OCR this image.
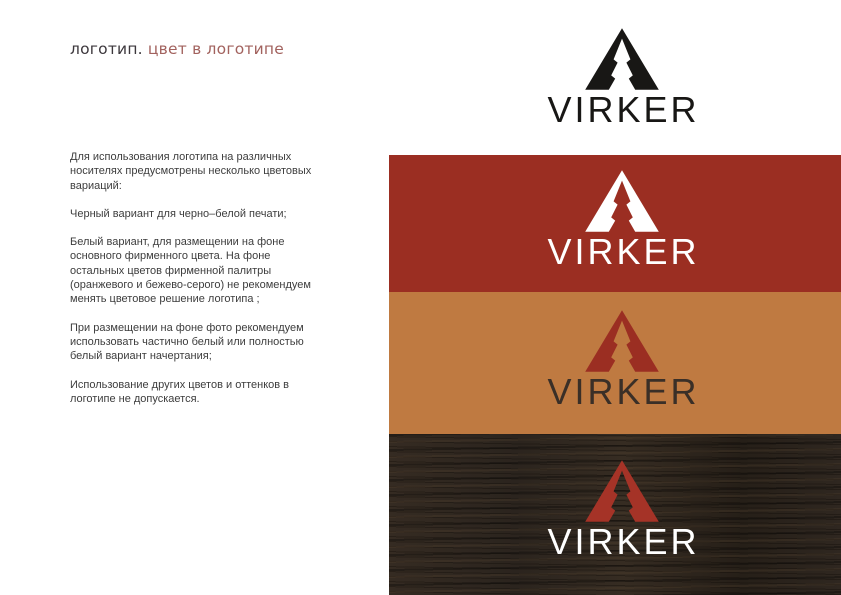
логотип. цвет в логотипе

Для использования логотипа на различных носителях предусмотрены несколько цветовых вариаций:

Черный вариант для черно–белой печати;

Белый вариант, для размещении на фоне основного фирменного цвета. На фоне остальных цветов фирменной палитры (оранжевого и бежево-серого) не рекомендуем менять цветовое решение логотипа ;

При размещении на фоне фото рекомендуем использовать частично белый или полностью белый вариант начертания;

Использование других цветов и оттенков в логотипе не допускается.

VIRKER
VIRKER
VIRKER
VIRKER
